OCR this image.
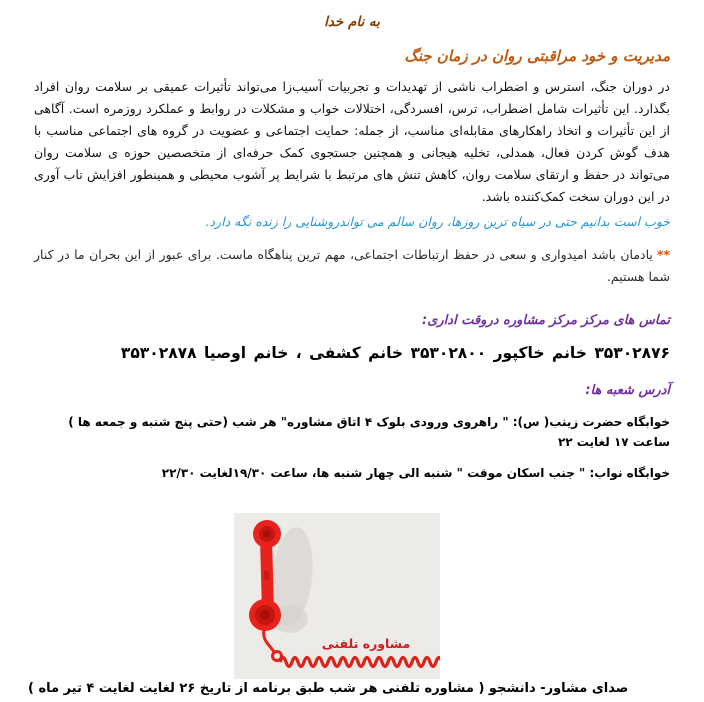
به نام خدا
مدیریت و خود مراقبتی روان در زمان جنگ

در دوران جنگ، استرس و اضطراب ناشی از تهدیدات و تجربیات آسیب‌زا می‌تواند تأثیرات عمیقی بر سلامت روان افراد بگذارد. این تأثیرات شامل اضطراب، ترس، افسردگی، اختلالات خواب و مشکلات در روابط و عملکرد روزمره است. آگاهی از این تأثیرات و اتخاذ راهکارهای مقابله‌ای مناسب، از جمله: حمایت اجتماعی و عضویت در گروه های اجتماعی مناسب با هدف گوش کردن فعال، همدلی، تخلیه هیجانی و همچنین جستجوی کمک حرفه‌ای از متخصصین حوزه ی سلامت روان می‌تواند در حفظ و ارتقای سلامت روان، کاهش تنش های مرتبط با شرایط پر آشوب محیطی و همینطور افزایش تاب آوری در این دوران سخت کمک‌کننده باشد.

خوب است بدانیم حتی در سیاه ترین روزها، روان سالم می تواندروشنایی را زنده نگه دارد.

**یادمان باشد امیدواری و سعی در حفظ ارتباطات اجتماعی، مهم ترین پناهگاه ماست. برای عبور از این بحران ما در کنار شما هستیم.

تماس های مرکز مرکز مشاوره دروقت اداری:

۳۵۳۰۲۸۷۶ خانم خاکپور ۳۵۳۰۲۸۰۰ خانم کشفی ، خانم اوصیا ۳۵۳۰۲۸۷۸

آدرس شعبه ها:

خوابگاه حضرت زینب( س): " راهروی ورودی بلوک ۴ اتاق مشاوره" هر شب (حتی پنج شنبه و جمعه ها ) ساعت ۱۷ لغایت ۲۲

خوابگاه نواب: " جنب اسکان موقت " شنبه الی چهار شنبه ها، ساعت ۱۹/۳۰لغایت ۲۲/۳۰

مشاوره تلفنی

صدای مشاور- دانشجو ( مشاوره تلفنی هر شب طبق برنامه از تاریخ ۲۶ لغایت لغایت ۴ تیر ماه )
